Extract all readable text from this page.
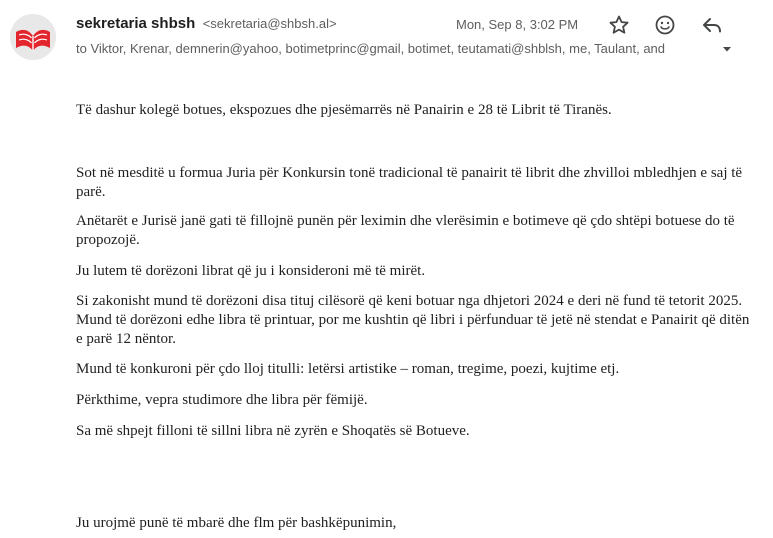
sekretaria shbsh <sekretaria@shbsh.al>	Mon, Sep 8, 3:02 PM
to Viktor, Krenar, demnerin@yahoo, botimetprinc@gmail, botimet, teutamati@shblsh, me, Taulant, and
Të dashur kolegë botues, ekspozues dhe pjesëmarrës në Panairin e 28 të Librit të Tiranës.
Sot në mesditë u formua Juria për Konkursin tonë tradicional të panairit të librit dhe zhvilloi mbledhjen e saj të parë.
Anëtarët e Jurisë janë gati të fillojnë punën për leximin dhe vlerësimin e botimeve që çdo shtëpi botuese do të propozojë.
Ju lutem të dorëzoni librat që ju i konsideroni më të mirët.
Si zakonisht mund të dorëzoni disa tituj cilësorë që keni botuar nga dhjetori 2024 e deri në fund të tetorit 2025. Mund të dorëzoni edhe libra të printuar, por me kushtin që libri i përfunduar të jetë në stendat e Panairit që ditën e parë 12 nëntor.
Mund të konkuroni për çdo lloj titulli: letërsi artistike – roman, tregime, poezi, kujtime etj.
Përkthime, vepra studimore dhe libra për fëmijë.
Sa më shpejt filloni të sillni libra në zyrën e Shoqatës së Botueve.
Ju urojmë punë të mbarë dhe flm për bashkëpunimin,
